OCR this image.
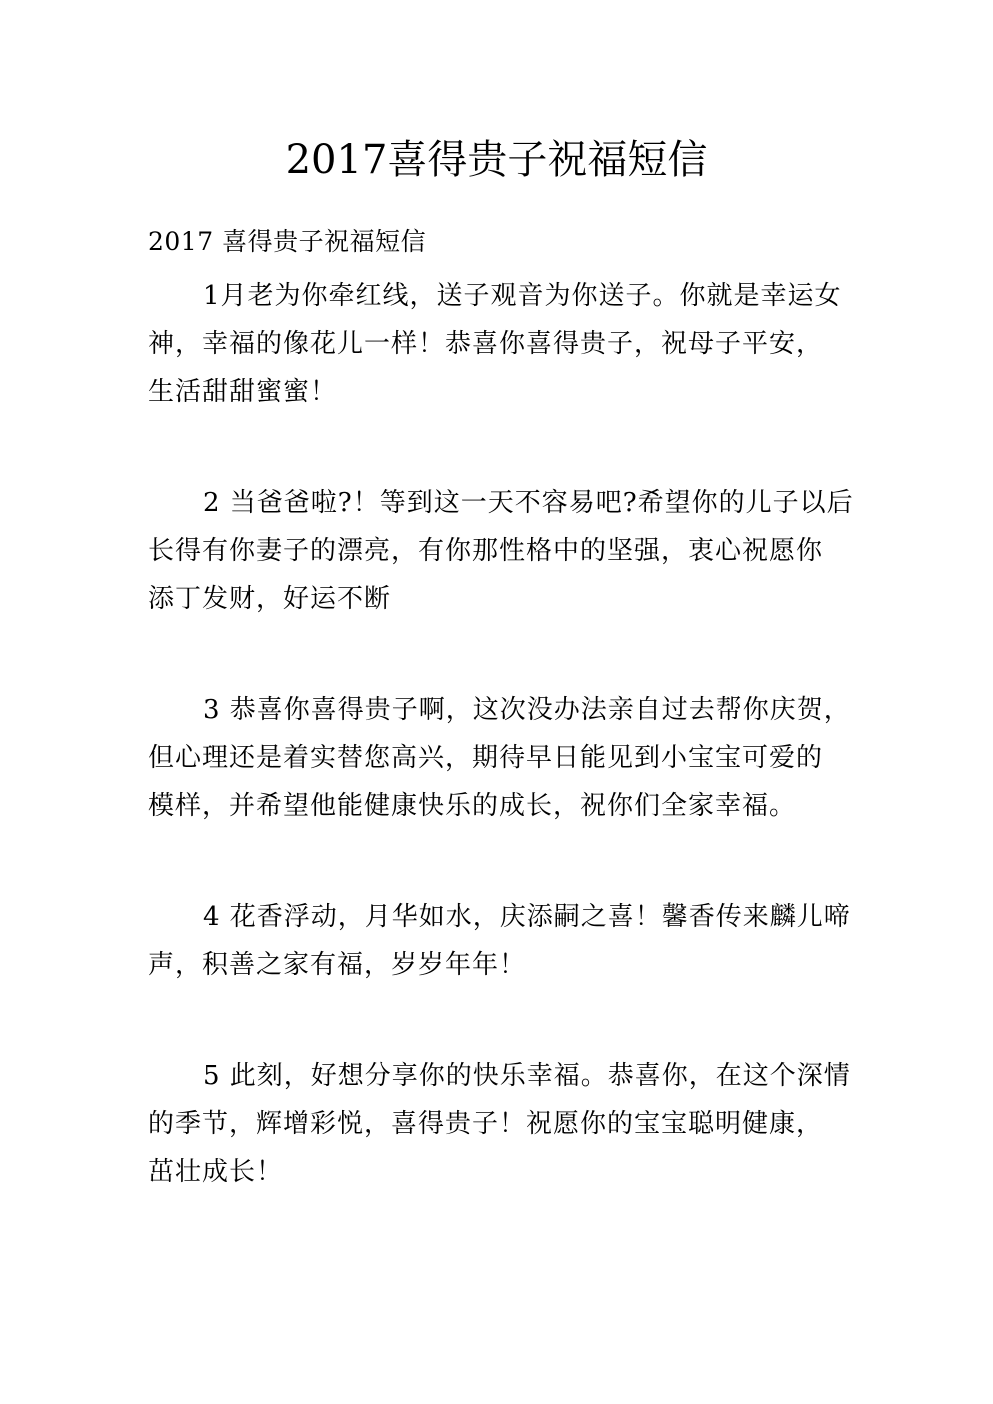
2017喜得贵子祝福短信
2017 喜得贵子祝福短信
1月老为你牵红线，送子观音为你送子。你就是幸运女
神，幸福的像花儿一样！恭喜你喜得贵子，祝母子平安，
生活甜甜蜜蜜！
2 当爸爸啦?！等到这一天不容易吧?希望你的儿子以后
长得有你妻子的漂亮，有你那性格中的坚强，衷心祝愿你
添丁发财，好运不断
3 恭喜你喜得贵子啊，这次没办法亲自过去帮你庆贺，
但心理还是着实替您高兴，期待早日能见到小宝宝可爱的
模样，并希望他能健康快乐的成长，祝你们全家幸福。
4 花香浮动，月华如水，庆添嗣之喜！馨香传来麟儿啼
声，积善之家有福，岁岁年年！
5 此刻，好想分享你的快乐幸福。恭喜你，在这个深情
的季节，辉增彩悦，喜得贵子！祝愿你的宝宝聪明健康，
茁壮成长！
